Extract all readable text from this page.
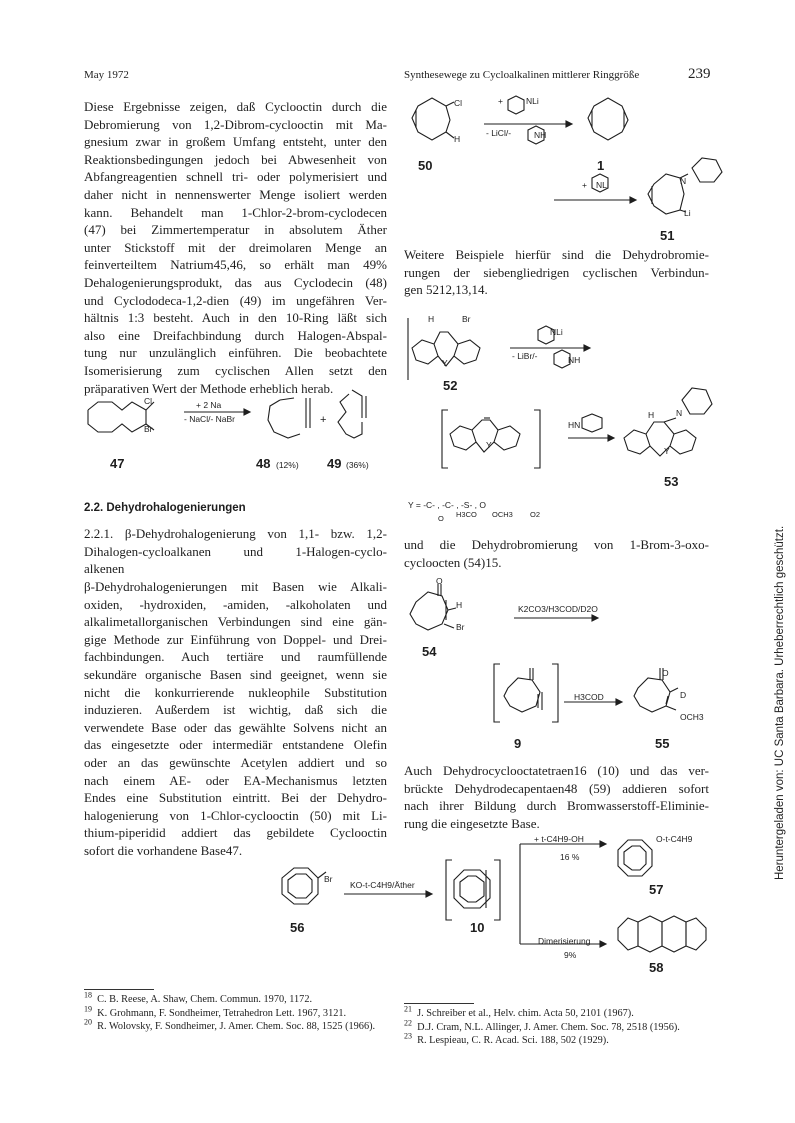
May 1972	Synthesewege zu Cycloalkalinen mittlerer Ringgröße	239
Diese Ergebnisse zeigen, daß Cyclooctin durch die
Debromierung von 1,2-Dibrom-cyclooctin mit Ma-
gnesium zwar in großem Umfang entsteht, unter den
Reaktionsbedingungen jedoch bei Abwesenheit von
Abfangreagentien schnell tri- oder polymerisiert und
daher nicht in nennenswerter Menge isoliert werden
kann. Behandelt man 1-Chlor-2-brom-cyclodecen
(47) bei Zimmertemperatur in absolutem Äther
unter Stickstoff mit der dreimolaren Menge an
feinverteiltem Natrium45,46, so erhält man 49%
Dehalogenierungsprodukt, das aus Cyclodecin (48)
und Cyclododeca-1,2-dien (49) im ungefähren Ver-
hältnis 1:3 besteht. Auch in den 10-Ring läßt sich
also eine Dreifachbindung durch Halogen-Abspal-
tung nur unzulänglich einführen. Die beobachtete
Isomerisierung zum cyclischen Allen setzt den
präparativen Wert der Methode erheblich herab.
Cl
Br
+ 2 Na
- NaCl/- NaBr	+
47	48 (12%) 49 (36%)
2.2. Dehydrohalogenierungen
2.2.1. β-Dehydrohalogenierung von 1,1- bzw. 1,2-
Dihalogen-cycloalkanen und 1-Halogen-cyclo-
alkenen
β-Dehydrohalogenierungen mit Basen wie Alkali-
oxiden, -hydroxiden, -amiden, -alkoholaten und
alkalimetallorganischen Verbindungen sind eine gän-
gige Methode zur Einführung von Doppel- und Drei-
fachbindungen. Auch tertiäre und raumfüllende
sekundäre organische Basen sind geeignet, wenn sie
nicht die konkurrierende nukleophile Substitution
induzieren. Außerdem ist wichtig, daß sich die
verwendete Base oder das gewählte Solvens nicht an
das eingesetzte oder intermediär entstandene Olefin
oder an das gewünschte Acetylen addiert und so
nach einem AE- oder EA-Mechanismus letzten
Endes eine Substitution eintritt. Bei der Dehydro-
halogenierung von 1-Chlor-cyclooctin (50) mit Li-
thium-piperidid addiert das gebildete Cyclooctin
sofort die vorhandene Base47.
Cl
H
+	NLi
- LiCl/-	NH
+ NLi	N
Li
50	1
51
Weitere Beispiele hierfür sind die Dehydrobromie-
rungen der siebengliedrigen cyclischen Verbindun-
gen 5212,13,14.
H	Br
Y
NLi
- LiBr/-	NH
52
Y
HN
H	N
Y
53
Y = -C- , -C- , -S- , O
O H3CO OCH3 O2
und die Dehydrobromierung von 1-Brom-3-oxo-
cycloocten (54)15.
O
H
Br
K2CO3/H3COD/D2O
54
H3COD
O
D
OCH3
9	55
Auch Dehydrocyclooctatetraen16 (10) und das ver-
brückte Dehydrodecapentaen48 (59) addieren sofort
nach ihrer Bildung durch Bromwasserstoff-Eliminie-
rung die eingesetzte Base.
Br
KO-t-C4H9/Äther
+ t-C4H9-OH
16 %
O-t-C4H9
Dimerisierung
9%
56	10
57
58
$^{18}$  C. B. Reese, A. Shaw, Chem. Commun. 1970, 1172.
$^{19}$  K. Grohmann, F. Sondheimer, Tetrahedron Lett. 1967, 3121.
$^{20}$  R. Wolovsky, F. Sondheimer, J. Amer. Chem. Soc. 88, 1525 (1966).
$^{21}$  J. Schreiber et al., Helv. chim. Acta 50, 2101 (1967).
$^{22}$  D.J. Cram, N.L. Allinger, J. Amer. Chem. Soc. 78, 2518 (1956).
$^{23}$  R. Lespieau, C. R. Acad. Sci. 188, 502 (1929).
Heruntergeladen von: UC Santa Barbara. Urheberrechtlich geschützt.
